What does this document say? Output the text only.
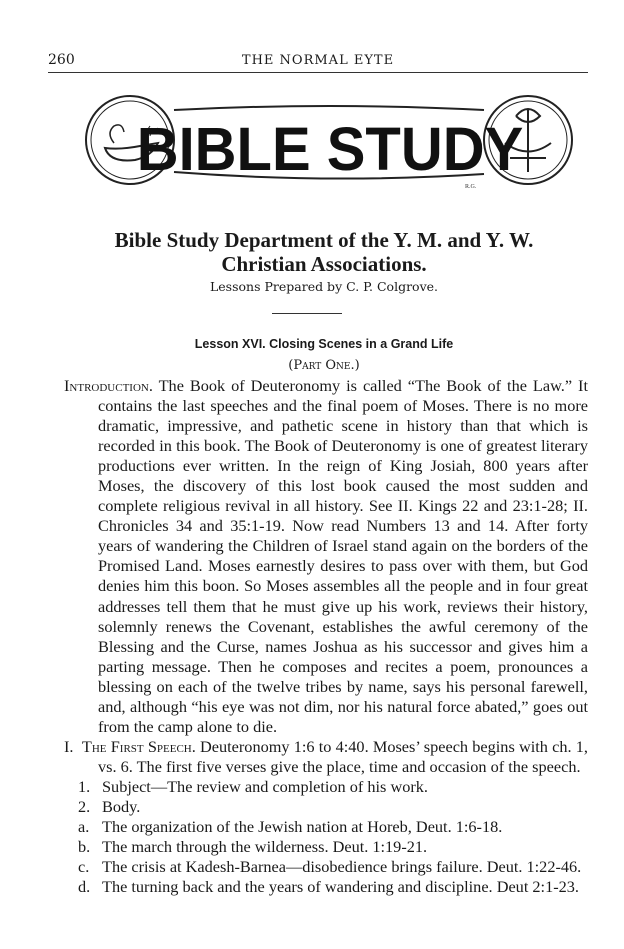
260	THE NORMAL EYTE
BIBLE STUDY
R.G.
Bible Study Department of the Y. M. and Y. W.
Christian Associations.
Lessons Prepared by C. P. Colgrove.
Lesson XVI. Closing Scenes in a Grand Life
(Part One.)

Introduction. The Book of Deuteronomy is called “The Book of the Law.” It contains the last speeches and the final poem of Moses. There is no more dramatic, impressive, and pathetic scene in history than that which is recorded in this book. The Book of Deuteronomy is one of greatest literary productions ever written. In the reign of King Josiah, 800 years after Moses, the discovery of this lost book caused the most sudden and complete religious revival in all history. See II. Kings 22 and 23:1-28; II. Chronicles 34 and 35:1-19. Now read Numbers 13 and 14. After forty years of wandering the Children of Israel stand again on the borders of the Promised Land. Moses earnestly desires to pass over with them, but God denies him this boon. So Moses assembles all the people and in four great addresses tell them that he must give up his work, reviews their history, solemnly renews the Covenant, establishes the awful ceremony of the Blessing and the Curse, names Joshua as his successor and gives him a parting message. Then he composes and recites a poem, pronounces a blessing on each of the twelve tribes by name, says his personal farewell, and, although “his eye was not dim, nor his natural force abated,” goes out from the camp alone to die.

I. The First Speech. Deuteronomy 1:6 to 4:40. Moses’ speech begins with ch. 1, vs. 6. The first five verses give the place, time and occasion of the speech.

1. Subject—The review and completion of his work.

2. Body.

a. The organization of the Jewish nation at Horeb, Deut. 1:6-18.

b. The march through the wilderness. Deut. 1:19-21.

c. The crisis at Kadesh-Barnea—disobedience brings failure. Deut. 1:22-46.

d. The turning back and the years of wandering and discipline. Deut 2:1-23.
